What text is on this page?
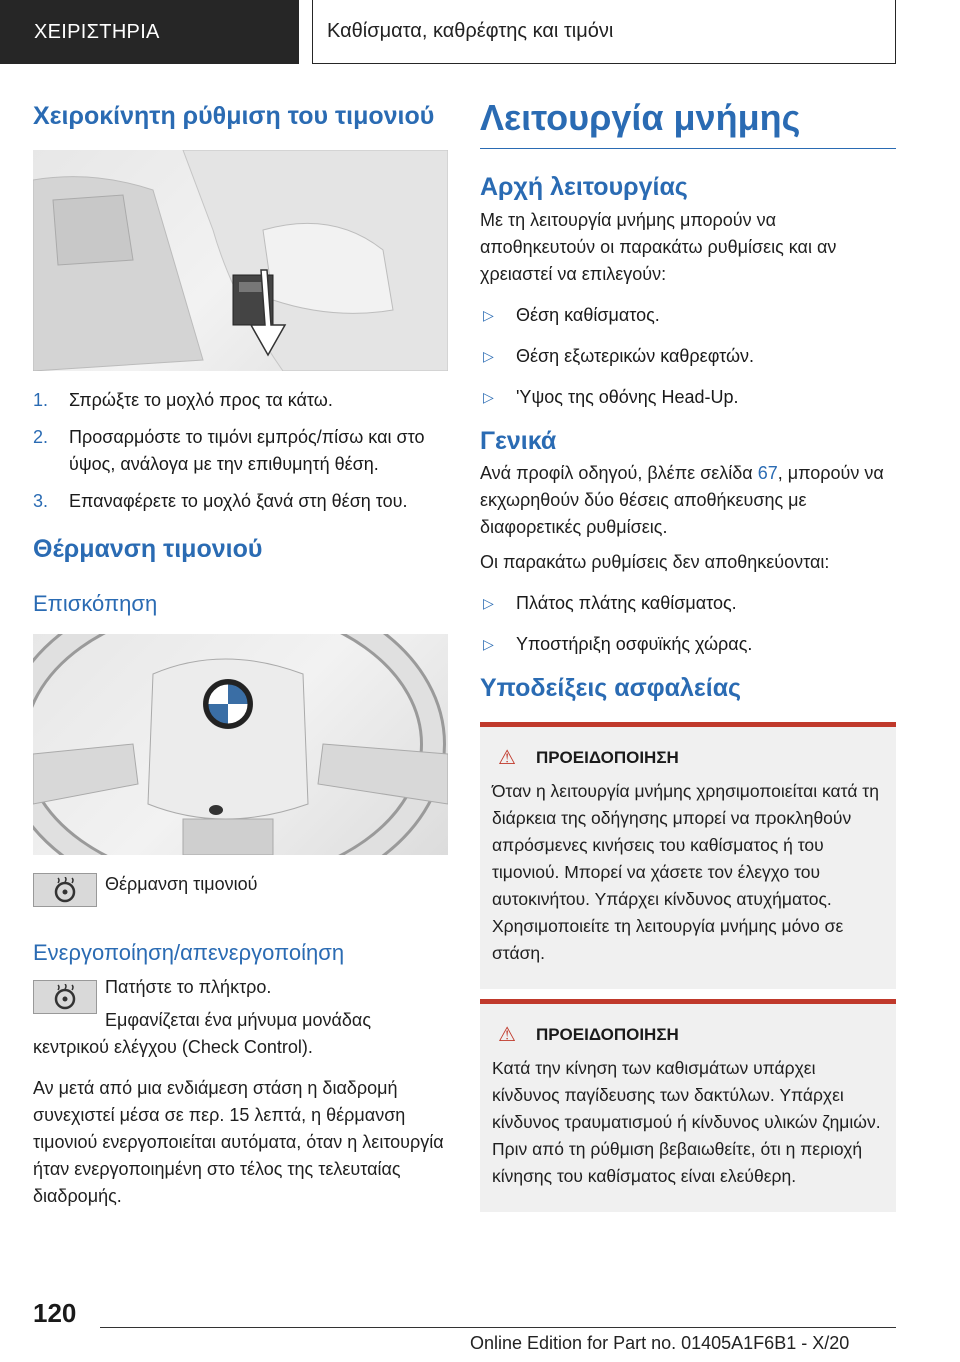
ΧΕΙΡΙΣΤΗΡΙΑ	Καθίσματα, καθρέφτης και τιμόνι
Χειροκίνητη ρύθμιση του τιμονιού
1. Σπρώξτε το μοχλό προς τα κάτω.
2. Προσαρμόστε το τιμόνι εμπρός/πίσω και στο ύψος, ανάλογα με την επιθυμητή θέση.
3. Επαναφέρετε το μοχλό ξανά στη θέση του.
Θέρμανση τιμονιού
Επισκόπηση
Θέρμανση τιμονιού
Ενεργοποίηση/απενεργοποίηση
Πατήστε το πλήκτρο.
Εμφανίζεται ένα μήνυμα μονάδας κεντρικού ελέγχου (Check Control).
Αν μετά από μια ενδιάμεση στάση η διαδρομή συνεχιστεί μέσα σε περ. 15 λεπτά, η θέρμανση τιμονιού ενεργοποιείται αυτόματα, όταν η λειτουργία ήταν ενεργοποιημένη στο τέλος της τελευταίας διαδρομής.
Λειτουργία μνήμης
Αρχή λειτουργίας
Με τη λειτουργία μνήμης μπορούν να αποθηκευτούν οι παρακάτω ρυθμίσεις και αν χρειαστεί να επιλεγούν:
▷ Θέση καθίσματος.
▷ Θέση εξωτερικών καθρεφτών.
▷ 'Υψος της οθόνης Head-Up.
Γενικά
Ανά προφίλ οδηγού, βλέπε σελίδα 67, μπορούν να εκχωρηθούν δύο θέσεις αποθήκευσης με διαφορετικές ρυθμίσεις.
Οι παρακάτω ρυθμίσεις δεν αποθηκεύονται:
▷ Πλάτος πλάτης καθίσματος.
▷ Υποστήριξη οσφυϊκής χώρας.
Υποδείξεις ασφαλείας
⚠ ΠΡΟΕΙΔΟΠΟΙΗΣΗ
Όταν η λειτουργία μνήμης χρησιμοποιείται κατά τη διάρκεια της οδήγησης μπορεί να προκληθούν απρόσμενες κινήσεις του καθίσματος ή του τιμονιού. Μπορεί να χάσετε τον έλεγχο του αυτοκινήτου. Υπάρχει κίνδυνος ατυχήματος. Χρησιμοποιείτε τη λειτουργία μνήμης μόνο σε στάση.
⚠ ΠΡΟΕΙΔΟΠΟΙΗΣΗ
Κατά την κίνηση των καθισμάτων υπάρχει κίνδυνος παγίδευσης των δακτύλων. Υπάρχει κίνδυνος τραυματισμού ή κίνδυνος υλικών ζημιών. Πριν από τη ρύθμιση βεβαιωθείτε, ότι η περιοχή κίνησης του καθίσματος είναι ελεύθερη.
120
Online Edition for Part no. 01405A1F6B1 - X/20
